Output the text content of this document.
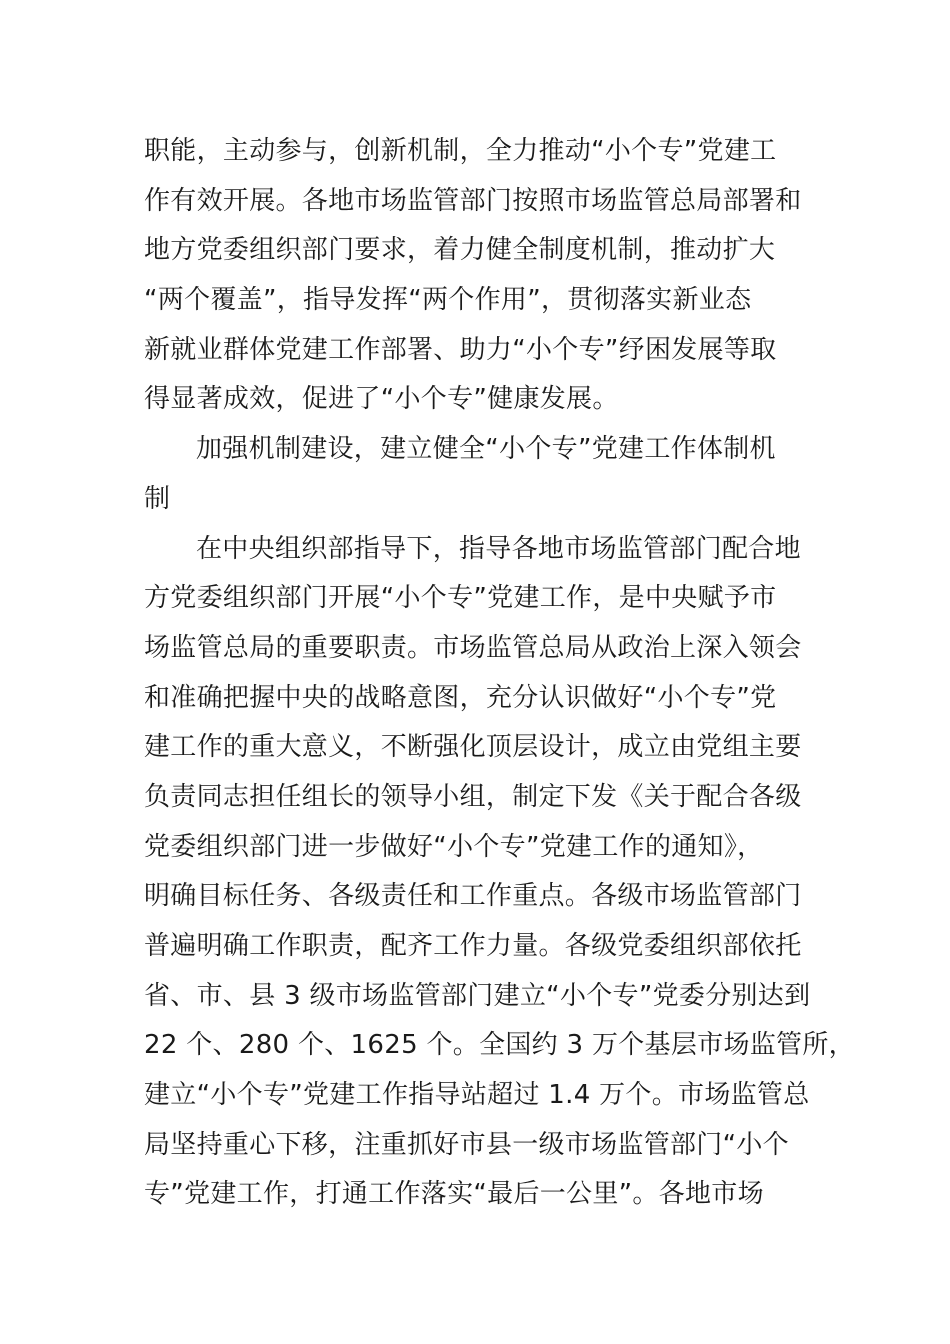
职能，主动参与，创新机制，全力推动“小个专”党建工
作有效开展。各地市场监管部门按照市场监管总局部署和
地方党委组织部门要求，着力健全制度机制，推动扩大
“两个覆盖”，指导发挥“两个作用”，贯彻落实新业态
新就业群体党建工作部署、助力“小个专”纾困发展等取
得显著成效，促进了“小个专”健康发展。
加强机制建设，建立健全“小个专”党建工作体制机
制
在中央组织部指导下，指导各地市场监管部门配合地
方党委组织部门开展“小个专”党建工作，是中央赋予市
场监管总局的重要职责。市场监管总局从政治上深入领会
和准确把握中央的战略意图，充分认识做好“小个专”党
建工作的重大意义，不断强化顶层设计，成立由党组主要
负责同志担任组长的领导小组，制定下发《关于配合各级
党委组织部门进一步做好“小个专”党建工作的通知》，
明确目标任务、各级责任和工作重点。各级市场监管部门
普遍明确工作职责，配齐工作力量。各级党委组织部依托
省、市、县 3 级市场监管部门建立“小个专”党委分别达到
22 个、280 个、1625 个。全国约 3 万个基层市场监管所，
建立“小个专”党建工作指导站超过 1.4 万个。市场监管总
局坚持重心下移，注重抓好市县一级市场监管部门“小个
专”党建工作，打通工作落实“最后一公里”。各地市场
